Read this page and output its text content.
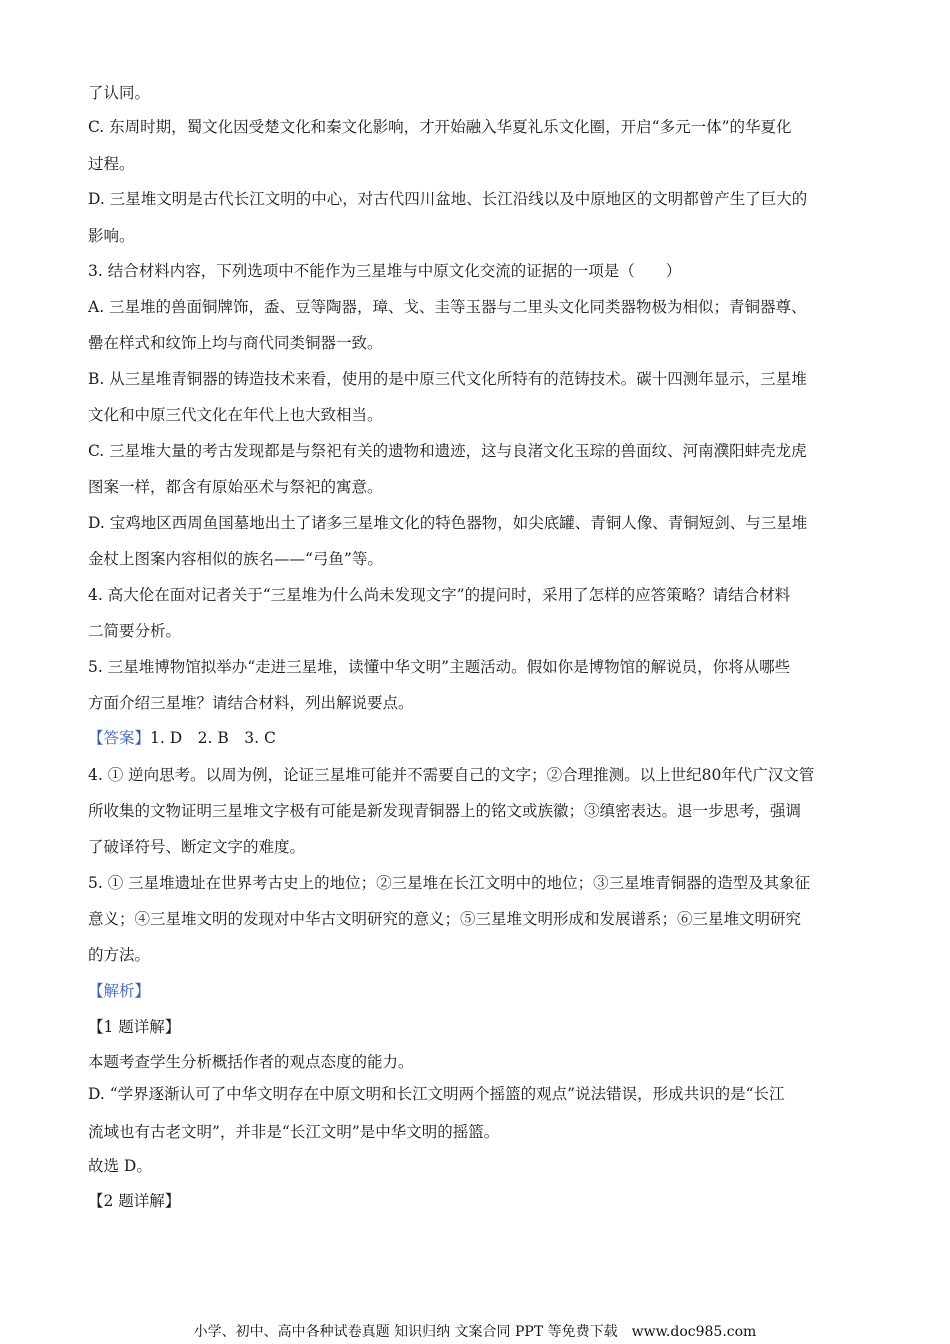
了认同。
C. 东周时期，蜀文化因受楚文化和秦文化影响，才开始融入华夏礼乐文化圈，开启“多元一体”的华夏化
过程。
D. 三星堆文明是古代长江文明的中心，对古代四川盆地、长江沿线以及中原地区的文明都曾产生了巨大的
影响。
3. 结合材料内容，下列选项中不能作为三星堆与中原文化交流的证据的一项是（　　）
A. 三星堆的兽面铜牌饰，盉、豆等陶器，璋、戈、圭等玉器与二里头文化同类器物极为相似；青铜器尊、
罍在样式和纹饰上均与商代同类铜器一致。
B. 从三星堆青铜器的铸造技术来看，使用的是中原三代文化所特有的范铸技术。碳十四测年显示，三星堆
文化和中原三代文化在年代上也大致相当。
C. 三星堆大量的考古发现都是与祭祀有关的遗物和遗迹，这与良渚文化玉琮的兽面纹、河南濮阳蚌壳龙虎
图案一样，都含有原始巫术与祭祀的寓意。
D. 宝鸡地区西周鱼国墓地出土了诸多三星堆文化的特色器物，如尖底罐、青铜人像、青铜短剑、与三星堆
金杖上图案内容相似的族名——“弓鱼”等。
4. 高大伦在面对记者关于“三星堆为什么尚未发现文字”的提问时，采用了怎样的应答策略？请结合材料
二简要分析。
5. 三星堆博物馆拟举办“走进三星堆，读懂中华文明”主题活动。假如你是博物馆的解说员，你将从哪些
方面介绍三星堆？请结合材料，列出解说要点。
【答案】1. D　2. B　3. C
4. ① 逆向思考。以周为例，论证三星堆可能并不需要自己的文字；②合理推测。以上世纪80年代广汉文管
所收集的文物证明三星堆文字极有可能是新发现青铜器上的铭文或族徽；③缜密表达。退一步思考，强调
了破译符号、断定文字的难度。
5. ① 三星堆遗址在世界考古史上的地位；②三星堆在长江文明中的地位；③三星堆青铜器的造型及其象征
意义；④三星堆文明的发现对中华古文明研究的意义；⑤三星堆文明形成和发展谱系；⑥三星堆文明研究
的方法。
【解析】
【1 题详解】
本题考查学生分析概括作者的观点态度的能力。
D. “学界逐渐认可了中华文明存在中原文明和长江文明两个摇篮的观点”说法错误，形成共识的是“长江
流域也有古老文明”，并非是“长江文明”是中华文明的摇篮。
故选 D。
【2 题详解】
小学、初中、高中各种试卷真题 知识归纳 文案合同 PPT 等免费下载　www.doc985.com
